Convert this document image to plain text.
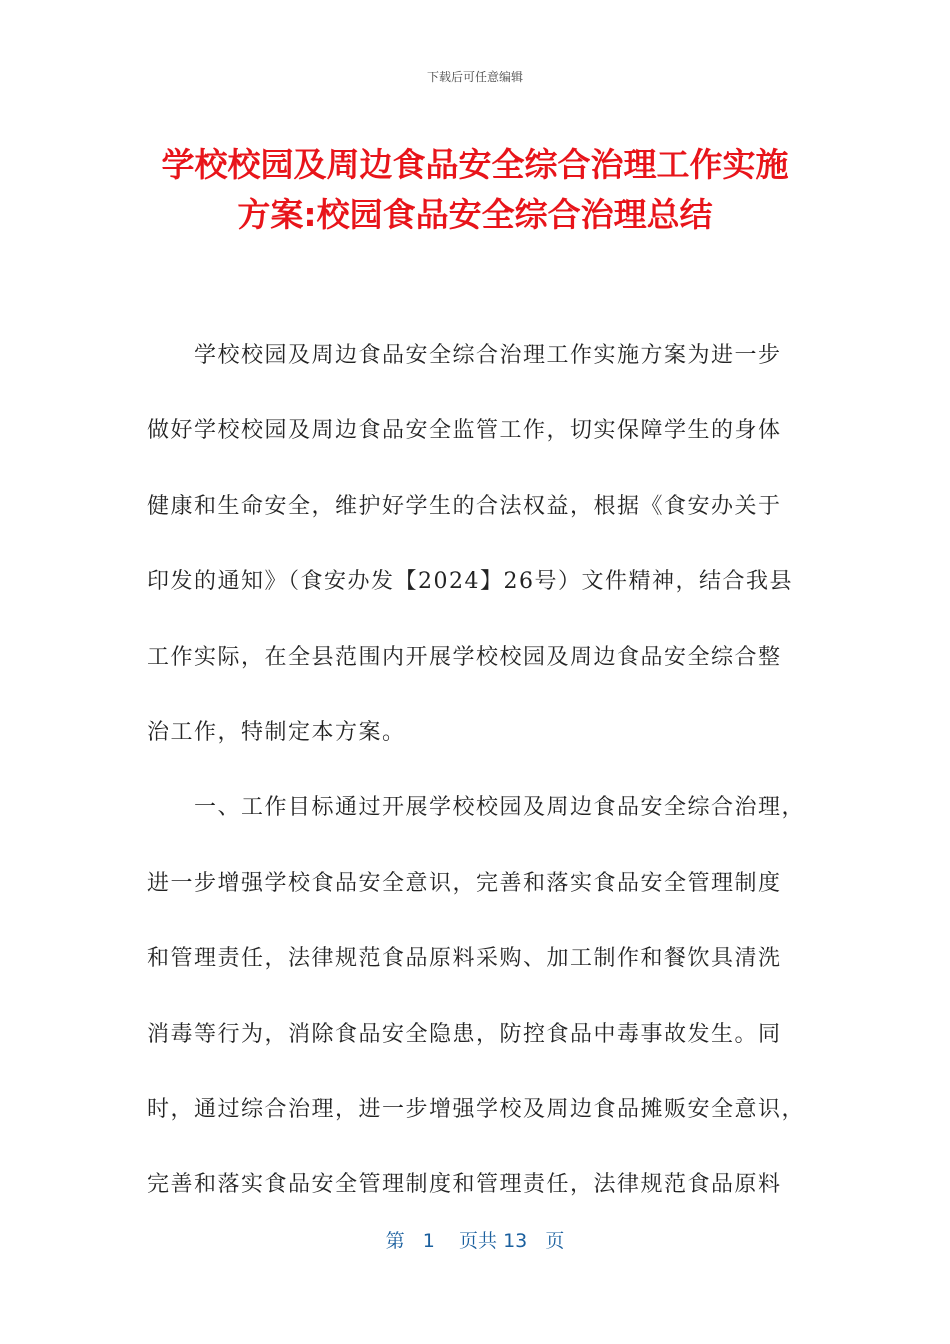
下载后可任意编辑
学校校园及周边食品安全综合治理工作实施
方案:校园食品安全综合治理总结

　　学校校园及周边食品安全综合治理工作实施方案为进一步
做好学校校园及周边食品安全监管工作，切实保障学生的身体
健康和生命安全，维护好学生的合法权益，根据《食安办关于
印发的通知》（食安办发【2024】26号）文件精神，结合我县
工作实际，在全县范围内开展学校校园及周边食品安全综合整
治工作，特制定本方案。

　　一、工作目标通过开展学校校园及周边食品安全综合治理，
进一步增强学校食品安全意识，完善和落实食品安全管理制度
和管理责任，法律规范食品原料采购、加工制作和餐饮具清洗
消毒等行为，消除食品安全隐患，防控食品中毒事故发生。同
时，通过综合治理，进一步增强学校及周边食品摊贩安全意识，
完善和落实食品安全管理制度和管理责任，法律规范食品原料

第 1 页共 13 页
